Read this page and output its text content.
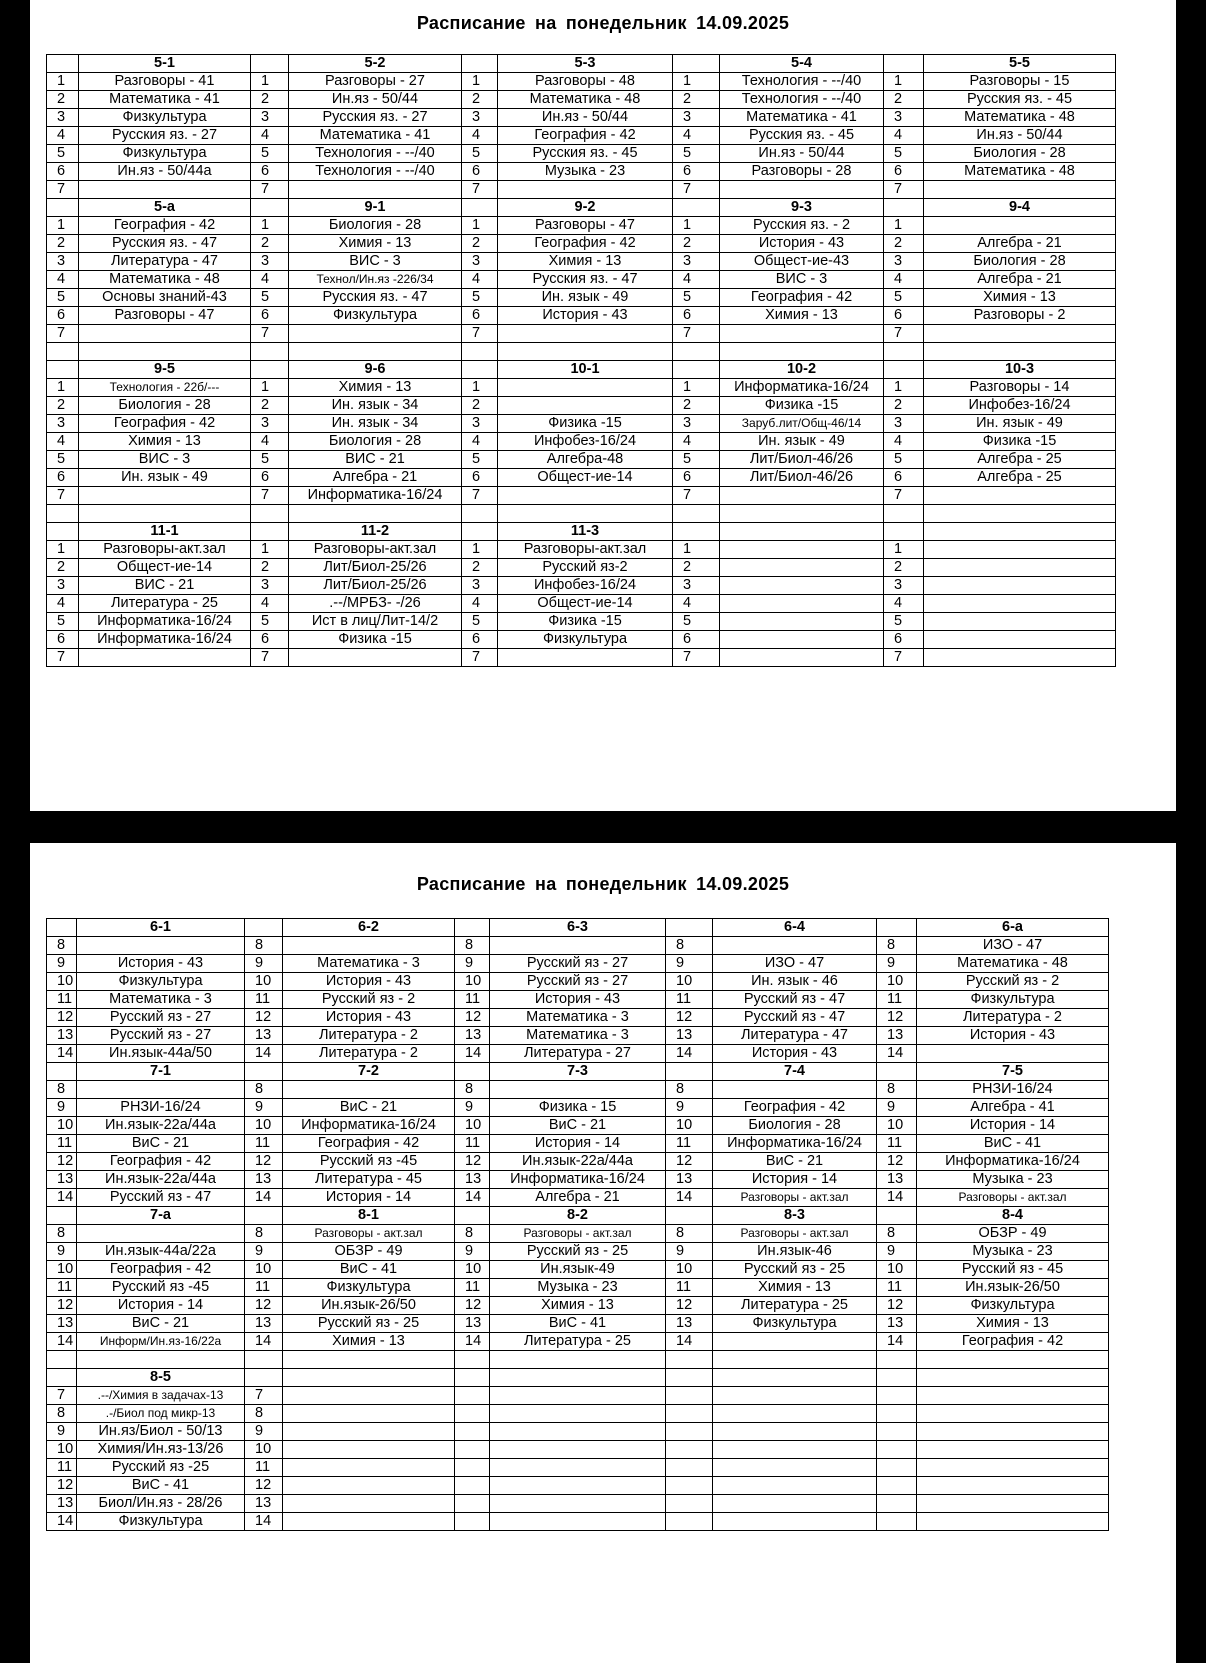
Расписание на понедельник 14.09.2025
	5-1		5-2		5-3		5-4		5-5
1	Разговоры - 41	1	Разговоры - 27	1	Разговоры - 48	1	Технология - --/40	1	Разговоры - 15
2	Математика - 41	2	Ин.яз - 50/44	2	Математика - 48	2	Технология - --/40	2	Русския яз. - 45
3	Физкультура	3	Русския яз. - 27	3	Ин.яз - 50/44	3	Математика - 41	3	Математика - 48
4	Русския яз. - 27	4	Математика - 41	4	География - 42	4	Русския яз. - 45	4	Ин.яз - 50/44
5	Физкультура	5	Технология - --/40	5	Русския яз. - 45	5	Ин.яз - 50/44	5	Биология - 28
6	Ин.яз - 50/44а	6	Технология - --/40	6	Музыка - 23	6	Разговоры - 28	6	Математика - 48
7		7		7		7		7	
	5-а		9-1		9-2		9-3		9-4
1	География - 42	1	Биология - 28	1	Разговоры - 47	1	Русския яз. - 2	1	
2	Русския яз. - 47	2	Химия - 13	2	География - 42	2	История - 43	2	Алгебра - 21
3	Литература - 47	3	ВИС - 3	3	Химия - 13	3	Общест-ие-43	3	Биология - 28
4	Математика - 48	4	Технол/Ин.яз -226/34	4	Русския яз. - 47	4	ВИС - 3	4	Алгебра - 21
5	Основы знаний-43	5	Русския яз. - 47	5	Ин. язык - 49	5	География - 42	5	Химия - 13
6	Разговоры - 47	6	Физкультура	6	История - 43	6	Химия - 13	6	Разговоры - 2
7		7		7		7		7	

	9-5		9-6		10-1		10-2		10-3
1	Технология - 22б/---	1	Химия - 13	1		1	Информатика-16/24	1	Разговоры - 14
2	Биология - 28	2	Ин. язык - 34	2		2	Физика -15	2	Инфобез-16/24
3	География - 42	3	Ин. язык - 34	3	Физика -15	3	Заруб.лит/Общ-46/14	3	Ин. язык - 49
4	Химия - 13	4	Биология - 28	4	Инфобез-16/24	4	Ин. язык - 49	4	Физика -15
5	ВИС - 3	5	ВИС - 21	5	Алгебра-48	5	Лит/Биол-46/26	5	Алгебра - 25
6	Ин. язык - 49	6	Алгебра - 21	6	Общест-ие-14	6	Лит/Биол-46/26	6	Алгебра - 25
7		7	Информатика-16/24	7		7		7	

	11-1		11-2		11-3				
1	Разговоры-акт.зал	1	Разговоры-акт.зал	1	Разговоры-акт.зал	1		1	
2	Общест-ие-14	2	Лит/Биол-25/26	2	Русский яз-2	2		2	
3	ВИС - 21	3	Лит/Биол-25/26	3	Инфобез-16/24	3		3	
4	Литература - 25	4	.--/МРБЗ- -/26	4	Общест-ие-14	4		4	
5	Информатика-16/24	5	Ист в лиц/Лит-14/2	5	Физика -15	5		5	
6	Информатика-16/24	6	Физика -15	6	Физкультура	6		6	
7		7		7		7		7	
Расписание на понедельник 14.09.2025
	6-1		6-2		6-3		6-4		6-а
8		8		8		8		8	ИЗО - 47
9	История - 43	9	Математика - 3	9	Русский яз - 27	9	ИЗО - 47	9	Математика - 48
10	Физкультура	10	История - 43	10	Русский яз - 27	10	Ин. язык - 46	10	Русский яз - 2
11	Математика - 3	11	Русский яз - 2	11	История - 43	11	Русский яз - 47	11	Физкультура
12	Русский яз - 27	12	История - 43	12	Математика - 3	12	Русский яз - 47	12	Литература - 2
13	Русский яз - 27	13	Литература - 2	13	Математика - 3	13	Литература - 47	13	История - 43
14	Ин.язык-44а/50	14	Литература - 2	14	Литература - 27	14	История - 43	14	
	7-1		7-2		7-3		7-4		7-5
8		8		8		8		8	РНЗИ-16/24
9	РНЗИ-16/24	9	ВиС - 21	9	Физика - 15	9	География - 42	9	Алгебра - 41
10	Ин.язык-22а/44а	10	Информатика-16/24	10	ВиС - 21	10	Биология - 28	10	История - 14
11	ВиС - 21	11	География - 42	11	История - 14	11	Информатика-16/24	11	ВиС - 41
12	География - 42	12	Русский яз -45	12	Ин.язык-22а/44а	12	ВиС - 21	12	Информатика-16/24
13	Ин.язык-22а/44а	13	Литература - 45	13	Информатика-16/24	13	История - 14	13	Музыка - 23
14	Русский яз - 47	14	История - 14	14	Алгебра - 21	14	Разговоры - акт.зал	14	Разговоры - акт.зал
	7-а		8-1		8-2		8-3		8-4
8		8	Разговоры - акт.зал	8	Разговоры - акт.зал	8	Разговоры - акт.зал	8	ОБЗР - 49
9	Ин.язык-44а/22а	9	ОБЗР - 49	9	Русский яз - 25	9	Ин.язык-46	9	Музыка - 23
10	География - 42	10	ВиС - 41	10	Ин.язык-49	10	Русский яз - 25	10	Русский яз - 45
11	Русский яз -45	11	Физкультура	11	Музыка - 23	11	Химия - 13	11	Ин.язык-26/50
12	История - 14	12	Ин.язык-26/50	12	Химия - 13	12	Литература - 25	12	Физкультура
13	ВиС - 21	13	Русский яз - 25	13	ВиС - 41	13	Физкультура	13	Химия - 13
14	Информ/Ин.яз-16/22а	14	Химия - 13	14	Литература - 25	14		14	География - 42

	8-5								
7	.--/Химия в задачах-13	7							
8	.-/Биол под микр-13	8							
9	Ин.яз/Биол - 50/13	9							
10	Химия/Ин.яз-13/26	10							
11	Русский яз -25	11							
12	ВиС - 41	12							
13	Биол/Ин.яз - 28/26	13							
14	Физкультура	14							
